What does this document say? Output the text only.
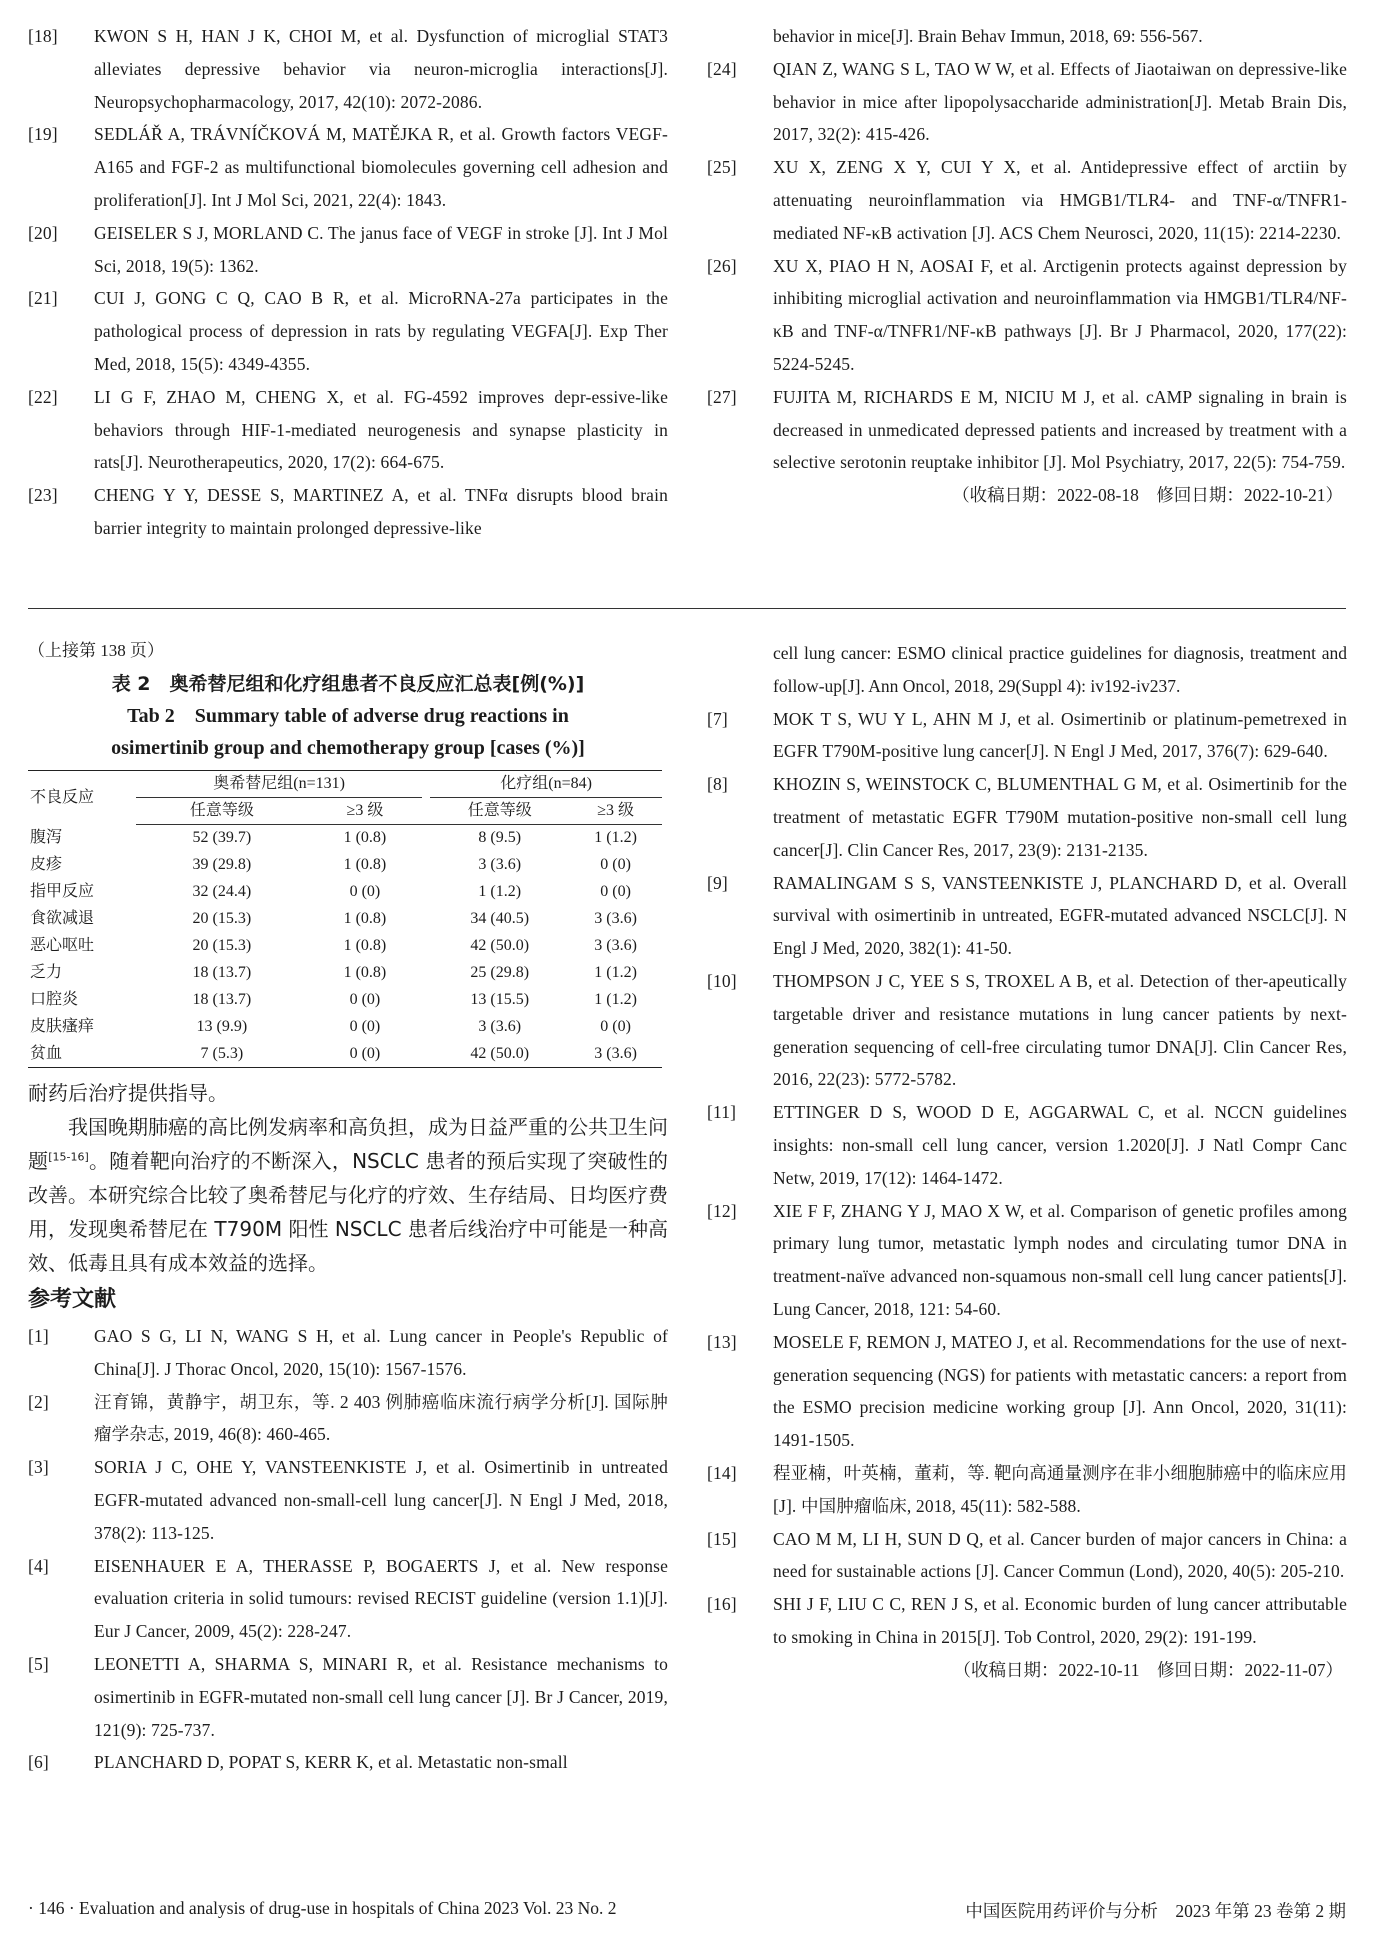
[18]	KWON S H, HAN J K, CHOI M, et al. Dysfunction of microglial STAT3 alleviates depressive behavior via neuron-microglia interactions[J]. Neuropsychopharmacology, 2017, 42(10): 2072-2086.
[19]	SEDLÁŘ A, TRÁVNÍČKOVÁ M, MATĚJKA R, et al. Growth factors VEGF-A165 and FGF-2 as multifunctional biomolecules governing cell adhesion and proliferation[J]. Int J Mol Sci, 2021, 22(4): 1843.
[20]	GEISELER S J, MORLAND C. The janus face of VEGF in stroke [J]. Int J Mol Sci, 2018, 19(5): 1362.
[21]	CUI J, GONG C Q, CAO B R, et al. MicroRNA-27a participates in the pathological process of depression in rats by regulating VEGFA[J]. Exp Ther Med, 2018, 15(5): 4349-4355.
[22]	LI G F, ZHAO M, CHENG X, et al. FG-4592 improves depr-essive-like behaviors through HIF-1-mediated neurogenesis and synapse plasticity in rats[J]. Neurotherapeutics, 2020, 17(2): 664-675.
[23]	CHENG Y Y, DESSE S, MARTINEZ A, et al. TNFα disrupts blood brain barrier integrity to maintain prolonged depressive-like
behavior in mice[J]. Brain Behav Immun, 2018, 69: 556-567.
[24]	QIAN Z, WANG S L, TAO W W, et al. Effects of Jiaotaiwan on depressive-like behavior in mice after lipopolysaccharide administration[J]. Metab Brain Dis, 2017, 32(2): 415-426.
[25]	XU X, ZENG X Y, CUI Y X, et al. Antidepressive effect of arctiin by attenuating neuroinflammation via HMGB1/TLR4- and TNF-α/TNFR1-mediated NF-κB activation [J]. ACS Chem Neurosci, 2020, 11(15): 2214-2230.
[26]	XU X, PIAO H N, AOSAI F, et al. Arctigenin protects against depression by inhibiting microglial activation and neuroinflammation via HMGB1/TLR4/NF-κB and TNF-α/TNFR1/NF-κB pathways [J]. Br J Pharmacol, 2020, 177(22): 5224-5245.
[27]	FUJITA M, RICHARDS E M, NICIU M J, et al. cAMP signaling in brain is decreased in unmedicated depressed patients and increased by treatment with a selective serotonin reuptake inhibitor [J]. Mol Psychiatry, 2017, 22(5): 754-759.
（收稿日期：2022-08-18　修回日期：2022-10-21）
（上接第 138 页）
表 2　奥希替尼组和化疗组患者不良反应汇总表[例(%)]
Tab 2　Summary table of adverse drug reactions in
osimertinib group and chemotherapy group [cases (%)]
不良反应	奥希替尼组(n=131)			化疗组(n=84)	
	任意等级	≥3 级		任意等级	≥3 级
腹泻	52 (39.7)	1 (0.8)		8 (9.5)	1 (1.2)
皮疹	39 (29.8)	1 (0.8)		3 (3.6)	0 (0)
指甲反应	32 (24.4)	0 (0)		1 (1.2)	0 (0)
食欲减退	20 (15.3)	1 (0.8)		34 (40.5)	3 (3.6)
恶心呕吐	20 (15.3)	1 (0.8)		42 (50.0)	3 (3.6)
乏力	18 (13.7)	1 (0.8)		25 (29.8)	1 (1.2)
口腔炎	18 (13.7)	0 (0)		13 (15.5)	1 (1.2)
皮肤瘙痒	13 (9.9)	0 (0)		3 (3.6)	0 (0)
贫血	7 (5.3)	0 (0)		42 (50.0)	3 (3.6)
耐药后治疗提供指导。
我国晚期肺癌的高比例发病率和高负担，成为日益严重的公共卫生问题[15-16]。随着靶向治疗的不断深入，NSCLC 患者的预后实现了突破性的改善。本研究综合比较了奥希替尼与化疗的疗效、生存结局、日均医疗费用，发现奥希替尼在 T790M 阳性 NSCLC 患者后线治疗中可能是一种高效、低毒且具有成本效益的选择。
参考文献
[1]	GAO S G, LI N, WANG S H, et al. Lung cancer in People's Republic of China[J]. J Thorac Oncol, 2020, 15(10): 1567-1576.
[2]	汪育锦，黄静宇，胡卫东，等. 2 403 例肺癌临床流行病学分析[J]. 国际肿瘤学杂志, 2019, 46(8): 460-465.
[3]	SORIA J C, OHE Y, VANSTEENKISTE J, et al. Osimertinib in untreated EGFR-mutated advanced non-small-cell lung cancer[J]. N Engl J Med, 2018, 378(2): 113-125.
[4]	EISENHAUER E A, THERASSE P, BOGAERTS J, et al. New response evaluation criteria in solid tumours: revised RECIST guideline (version 1.1)[J]. Eur J Cancer, 2009, 45(2): 228-247.
[5]	LEONETTI A, SHARMA S, MINARI R, et al. Resistance mechanisms to osimertinib in EGFR-mutated non-small cell lung cancer [J]. Br J Cancer, 2019, 121(9): 725-737.
[6]	PLANCHARD D, POPAT S, KERR K, et al. Metastatic non-small
cell lung cancer: ESMO clinical practice guidelines for diagnosis, treatment and follow-up[J]. Ann Oncol, 2018, 29(Suppl 4): iv192-iv237.
[7]	MOK T S, WU Y L, AHN M J, et al. Osimertinib or platinum-pemetrexed in EGFR T790M-positive lung cancer[J]. N Engl J Med, 2017, 376(7): 629-640.
[8]	KHOZIN S, WEINSTOCK C, BLUMENTHAL G M, et al. Osimertinib for the treatment of metastatic EGFR T790M mutation-positive non-small cell lung cancer[J]. Clin Cancer Res, 2017, 23(9): 2131-2135.
[9]	RAMALINGAM S S, VANSTEENKISTE J, PLANCHARD D, et al. Overall survival with osimertinib in untreated, EGFR-mutated advanced NSCLC[J]. N Engl J Med, 2020, 382(1): 41-50.
[10]	THOMPSON J C, YEE S S, TROXEL A B, et al. Detection of ther-apeutically targetable driver and resistance mutations in lung cancer patients by next-generation sequencing of cell-free circulating tumor DNA[J]. Clin Cancer Res, 2016, 22(23): 5772-5782.
[11]	ETTINGER D S, WOOD D E, AGGARWAL C, et al. NCCN guidelines insights: non-small cell lung cancer, version 1.2020[J]. J Natl Compr Canc Netw, 2019, 17(12): 1464-1472.
[12]	XIE F F, ZHANG Y J, MAO X W, et al. Comparison of genetic profiles among primary lung tumor, metastatic lymph nodes and circulating tumor DNA in treatment-naïve advanced non-squamous non-small cell lung cancer patients[J]. Lung Cancer, 2018, 121: 54-60.
[13]	MOSELE F, REMON J, MATEO J, et al. Recommendations for the use of next-generation sequencing (NGS) for patients with metastatic cancers: a report from the ESMO precision medicine working group [J]. Ann Oncol, 2020, 31(11): 1491-1505.
[14]	程亚楠，叶英楠，董莉，等. 靶向高通量测序在非小细胞肺癌中的临床应用[J]. 中国肿瘤临床, 2018, 45(11): 582-588.
[15]	CAO M M, LI H, SUN D Q, et al. Cancer burden of major cancers in China: a need for sustainable actions [J]. Cancer Commun (Lond), 2020, 40(5): 205-210.
[16]	SHI J F, LIU C C, REN J S, et al. Economic burden of lung cancer attributable to smoking in China in 2015[J]. Tob Control, 2020, 29(2): 191-199.
（收稿日期：2022-10-11　修回日期：2022-11-07）
· 146 · Evaluation and analysis of drug-use in hospitals of China 2023 Vol. 23 No. 2	中国医院用药评价与分析　2023 年第 23 卷第 2 期
